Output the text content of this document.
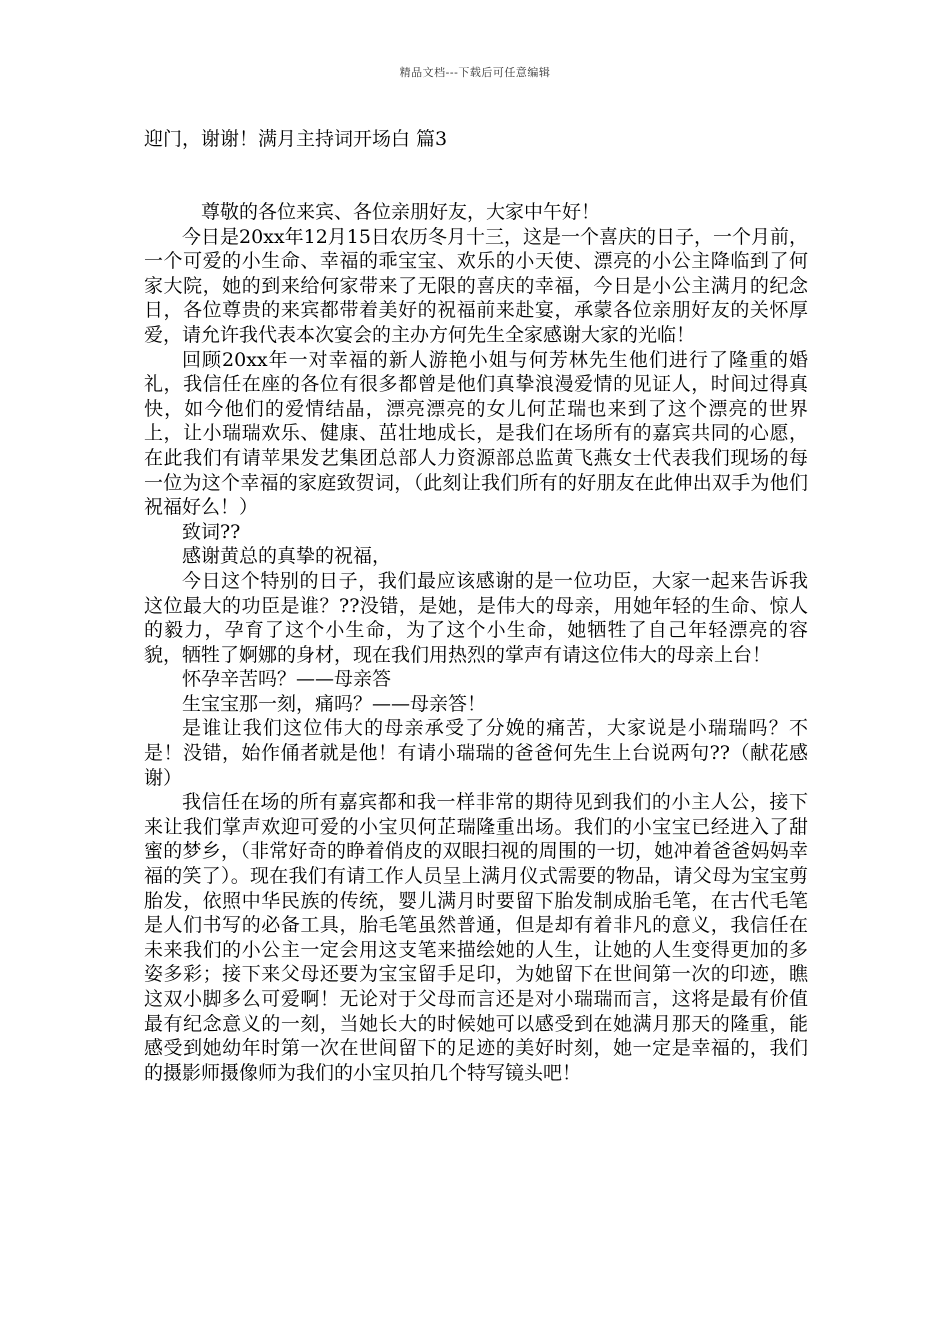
精品文档---下载后可任意编辑
迎门，谢谢！满月主持词开场白 篇3

尊敬的各位来宾、各位亲朋好友，大家中午好！

今日是20xx年12月15日农历冬月十三，这是一个喜庆的日子，一个月前，一个可爱的小生命、幸福的乖宝宝、欢乐的小天使、漂亮的小公主降临到了何家大院，她的到来给何家带来了无限的喜庆的幸福，今日是小公主满月的纪念日，各位尊贵的来宾都带着美好的祝福前来赴宴，承蒙各位亲朋好友的关怀厚爱，请允许我代表本次宴会的主办方何先生全家感谢大家的光临！

回顾20xx年一对幸福的新人游艳小姐与何芳林先生他们进行了隆重的婚礼，我信任在座的各位有很多都曾是他们真挚浪漫爱情的见证人，时间过得真快，如今他们的爱情结晶，漂亮漂亮的女儿何芷瑞也来到了这个漂亮的世界上，让小瑞瑞欢乐、健康、茁壮地成长，是我们在场所有的嘉宾共同的心愿，在此我们有请苹果发艺集团总部人力资源部总监黄飞燕女士代表我们现场的每一位为这个幸福的家庭致贺词，（此刻让我们所有的好朋友在此伸出双手为他们祝福好么！）

致词??

感谢黄总的真挚的祝福，

今日这个特别的日子，我们最应该感谢的是一位功臣，大家一起来告诉我这位最大的功臣是谁？??没错，是她，是伟大的母亲，用她年轻的生命、惊人的毅力，孕育了这个小生命，为了这个小生命，她牺牲了自己年轻漂亮的容貌，牺牲了婀娜的身材，现在我们用热烈的掌声有请这位伟大的母亲上台！

怀孕辛苦吗？——母亲答

生宝宝那一刻，痛吗？——母亲答！

是谁让我们这位伟大的母亲承受了分娩的痛苦，大家说是小瑞瑞吗？不是！没错，始作俑者就是他！有请小瑞瑞的爸爸何先生上台说两句??（献花感谢）

我信任在场的所有嘉宾都和我一样非常的期待见到我们的小主人公，接下来让我们掌声欢迎可爱的小宝贝何芷瑞隆重出场。我们的小宝宝已经进入了甜蜜的梦乡，（非常好奇的睁着俏皮的双眼扫视的周围的一切，她冲着爸爸妈妈幸福的笑了）。现在我们有请工作人员呈上满月仪式需要的物品，请父母为宝宝剪胎发，依照中华民族的传统，婴儿满月时要留下胎发制成胎毛笔，在古代毛笔是人们书写的必备工具，胎毛笔虽然普通，但是却有着非凡的意义，我信任在未来我们的小公主一定会用这支笔来描绘她的人生，让她的人生变得更加的多姿多彩；接下来父母还要为宝宝留手足印，为她留下在世间第一次的印迹，瞧这双小脚多么可爱啊！无论对于父母而言还是对小瑞瑞而言，这将是最有价值最有纪念意义的一刻，当她长大的时候她可以感受到在她满月那天的隆重，能感受到她幼年时第一次在世间留下的足迹的美好时刻，她一定是幸福的，我们的摄影师摄像师为我们的小宝贝拍几个特写镜头吧！
